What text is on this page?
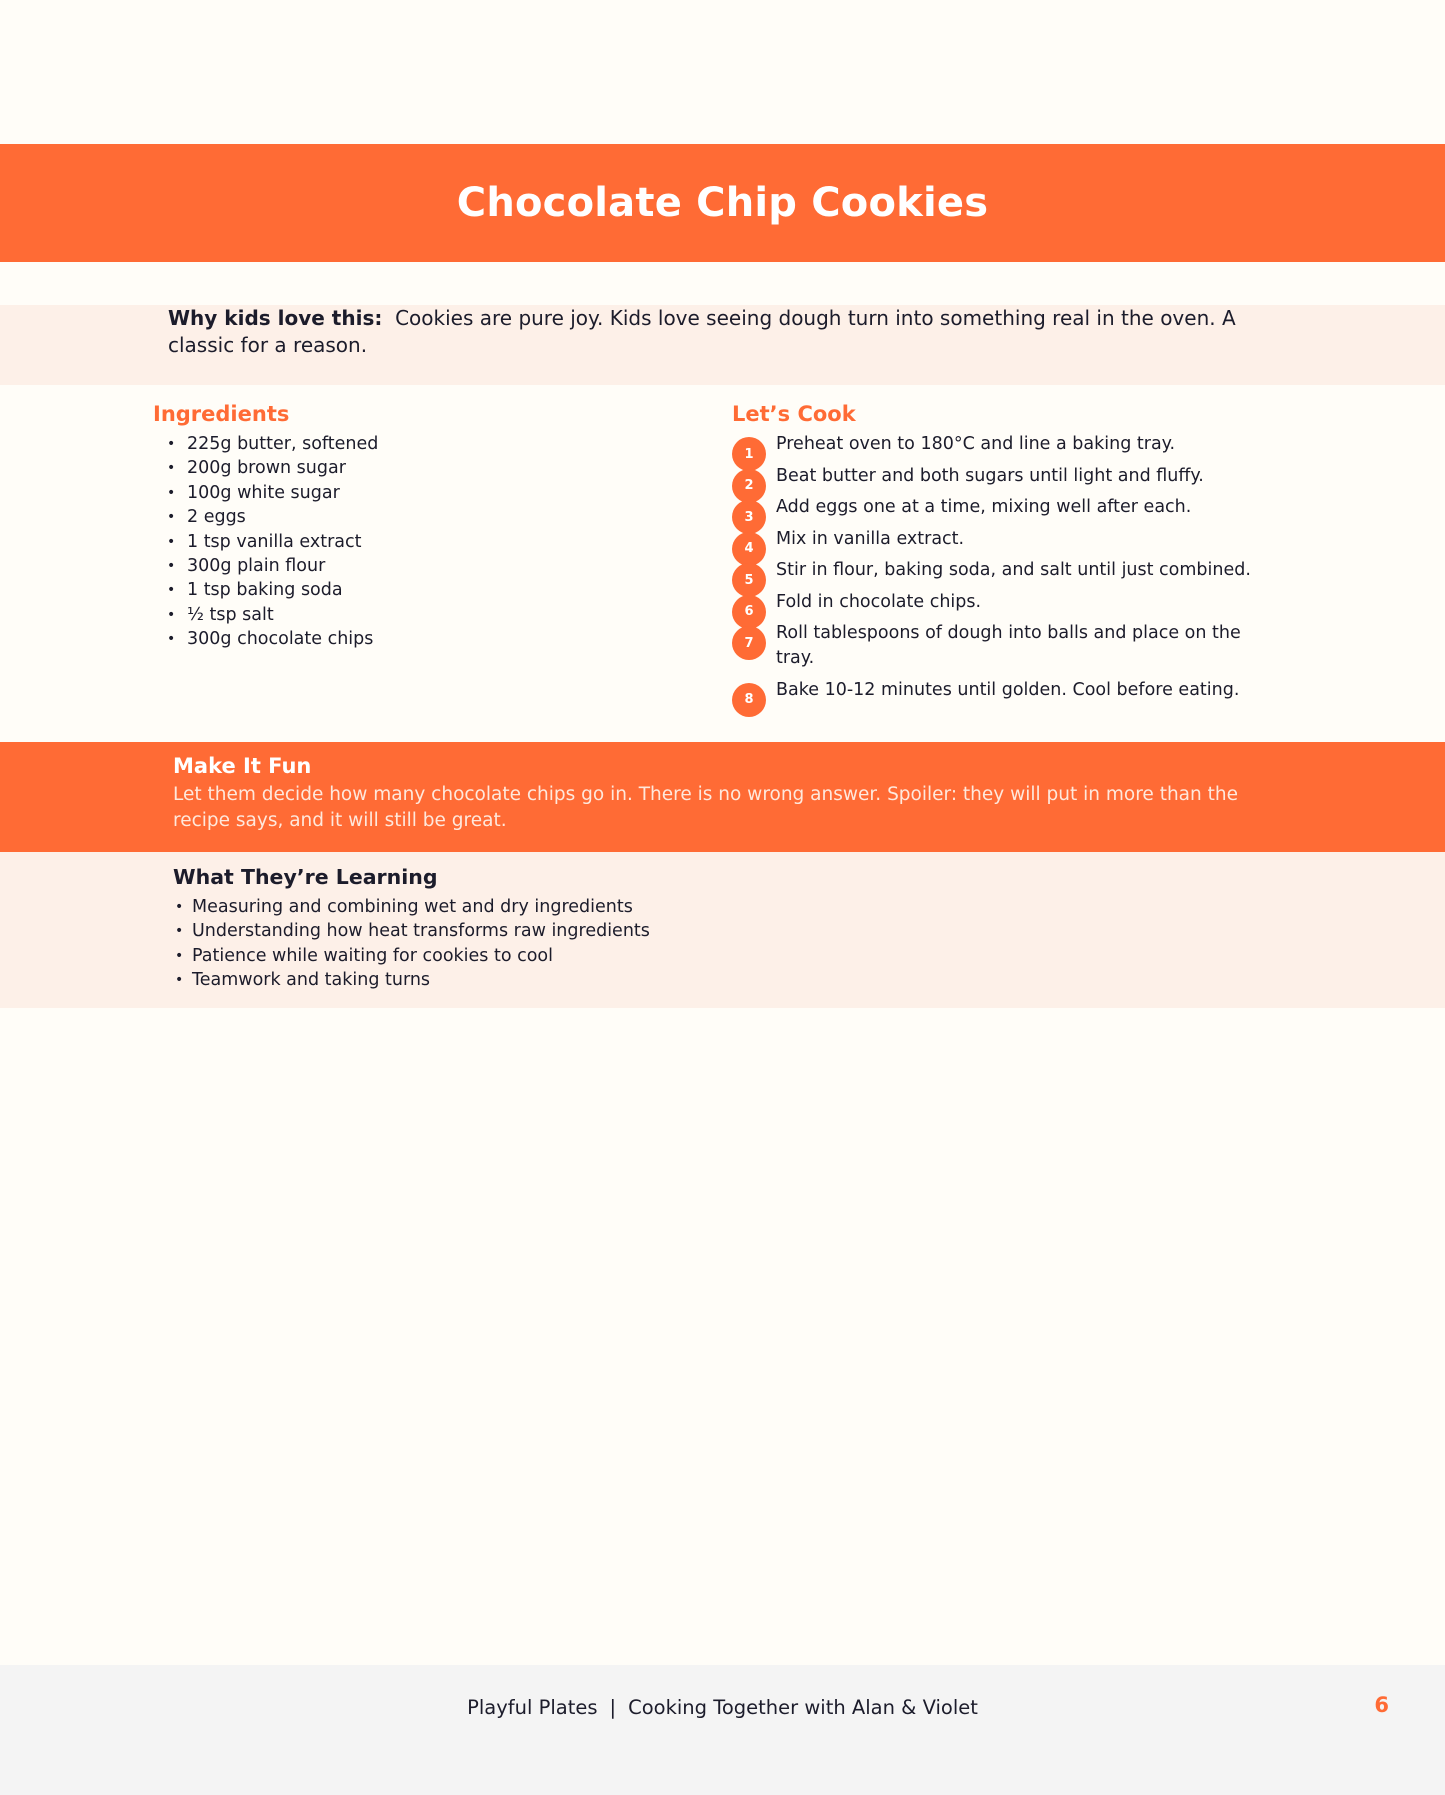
Chocolate Chip Cookies

Why kids love this: Cookies are pure joy. Kids love seeing dough turn into something real in the oven. A classic for a reason.

Ingredients
• 225g butter, softened
• 200g brown sugar
• 100g white sugar
• 2 eggs
• 1 tsp vanilla extract
• 300g plain flour
• 1 tsp baking soda
• ½ tsp salt
• 300g chocolate chips
Let’s Cook
1	Preheat oven to 180°C and line a baking tray.
2	Beat butter and both sugars until light and fluffy.
3	Add eggs one at a time, mixing well after each.
4	Mix in vanilla extract.
5	Stir in flour, baking soda, and salt until just combined.
6	Fold in chocolate chips.
7	Roll tablespoons of dough into balls and place on the tray.
8	Bake 10-12 minutes until golden. Cool before eating.
Make It Fun

Let them decide how many chocolate chips go in. There is no wrong answer. Spoiler: they will put in more than the recipe says, and it will still be great.

What They’re Learning
• Measuring and combining wet and dry ingredients
• Understanding how heat transforms raw ingredients
• Patience while waiting for cookies to cool
• Teamwork and taking turns
Playful Plates | Cooking Together with Alan & Violet	6
